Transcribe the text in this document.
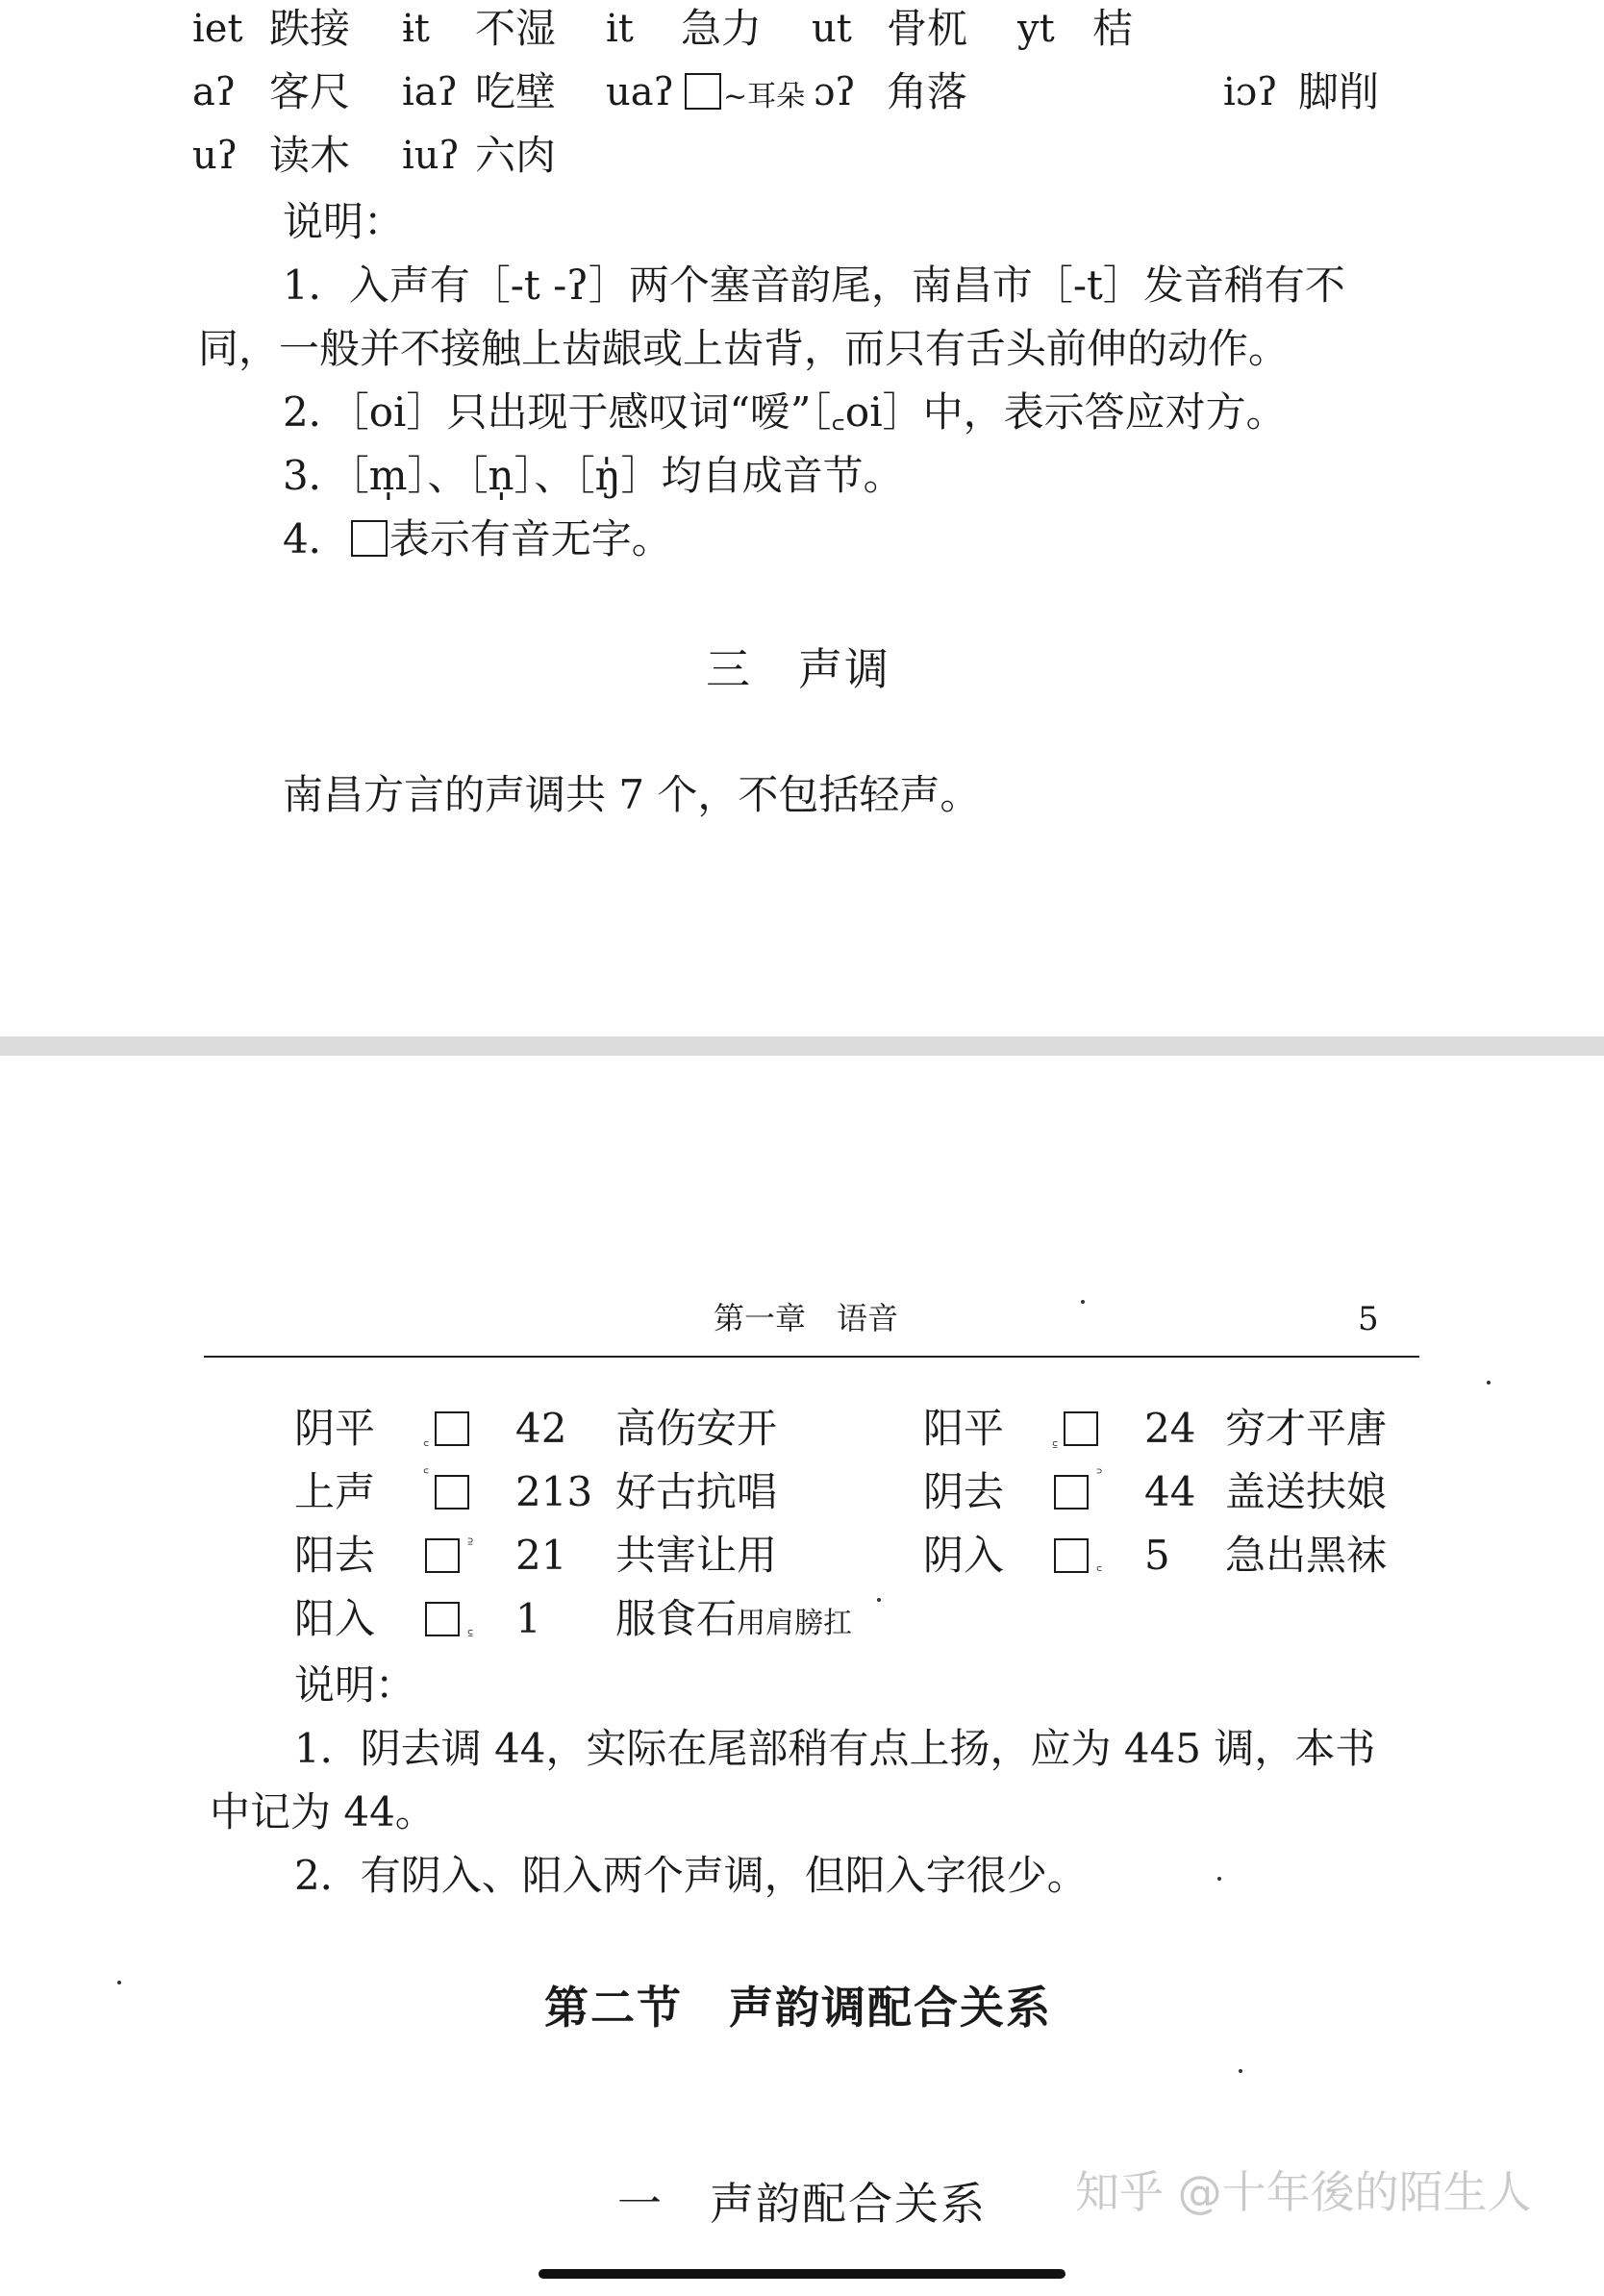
iet 跌接 ɨt 不湿 it 急力 ut 骨杌 yt 桔
aʔ 客尺 iaʔ 吃壁 uaʔ	~耳朵 ɔʔ 角落	iɔʔ 脚削
uʔ 读木 iuʔ 六肉
说明：
1．入声有［-t -ʔ］两个塞音韵尾，南昌市［-t］发音稍有不
同，一般并不接触上齿龈或上齿背，而只有舌头前伸的动作。
2．［oi］只出现于感叹词“嗳”［꜀oi］中，表示答应对方。
3．［m̩］、［n̩］、［ŋ̍］均自成音节。
4． 表示有音无字。
三　声调
南昌方言的声调共 7 个，不包括轻声。
第一章　语音	5
阴平	꜀ 42 高伤安开	阳平	꜁ 24 穷才平唐
上声	꜂ 213 好古抗唱	阴去	꜄ 44 盖送扶娘
阳去	꜅ 21 共害让用	阴入	꜀ 5 急出黑袜
阳入	꜁ 1 服食石用肩膀扛
说明：
1．阴去调 44，实际在尾部稍有点上扬，应为 445 调，本书
中记为 44。
2．有阴入、阳入两个声调，但阳入字很少。
第二节　声韵调配合关系
一　声韵配合关系 知乎 @十年後的陌生人
